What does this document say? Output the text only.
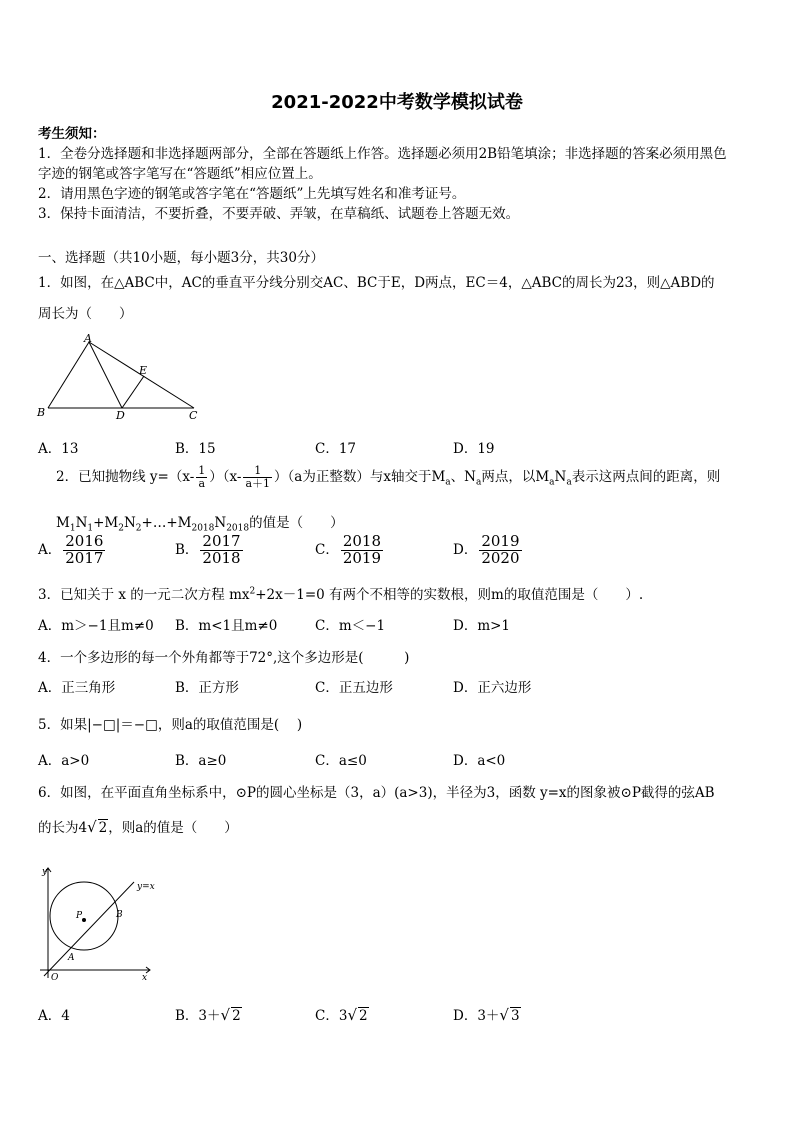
2021-2022中考数学模拟试卷
考生须知：
1．全卷分选择题和非选择题两部分，全部在答题纸上作答。选择题必须用2B铅笔填涂；非选择题的答案必须用黑色
字迹的钢笔或答字笔写在“答题纸”相应位置上。
2．请用黑色字迹的钢笔或答字笔在“答题纸”上先填写姓名和准考证号。
3．保持卡面清洁，不要折叠，不要弄破、弄皱，在草稿纸、试题卷上答题无效。
一、选择题（共10小题，每小题3分，共30分）
1．如图，在△ABC中，AC的垂直平分线分别交AC、BC于E，D两点，EC＝4，△ABC的周长为23，则△ABD的
周长为（　　）
A
B	D	C
E
A．13	B．15	C．17	D．19
2．已知抛物线 $y=(x- \frac{1}{a} )(x- \frac{1}{a+1} )(a$为正整数）与x轴交于$M_a$、$N_a$两点，以$M_aN_a$表示这两点间的距离，则
$M_1N_1+M_2N_2+\dots+M_{2018}N_{2018}$的值是（　　）
A． $\frac{2016}{2017}$	B． $\frac{2017}{2018}$	C． $\frac{2018}{2019}$	D． $\frac{2019}{2020}$
3．已知关于 x 的一元二次方程 $mx^2+2x-1=0$ 有两个不相等的实数根，则m的取值范围是（　　）.
A．m＞−1且m≠0 B．m<1且m≠0	C．m＜−1	D．m>1
4．一个多边形的每一个外角都等于72°,这个多边形是(　　　)
A．正三角形	B．正方形	C．正五边形	D．正六边形
5．如果|−□|＝−□，则a的取值范围是(　 )
A．a>0	B．a≥0	C．a≤0	D．a<0
6．如图，在平面直角坐标系中，⊙P的圆心坐标是（3，a）(a>3)，半径为3，函数 y=x的图象被⊙P截得的弦AB
的长为4√ 2，则a的值是（　　）
y
x
O
P
A
B
y=x
A．4	B．3＋√ 2	C．3√ 2	D．3＋√ 3
